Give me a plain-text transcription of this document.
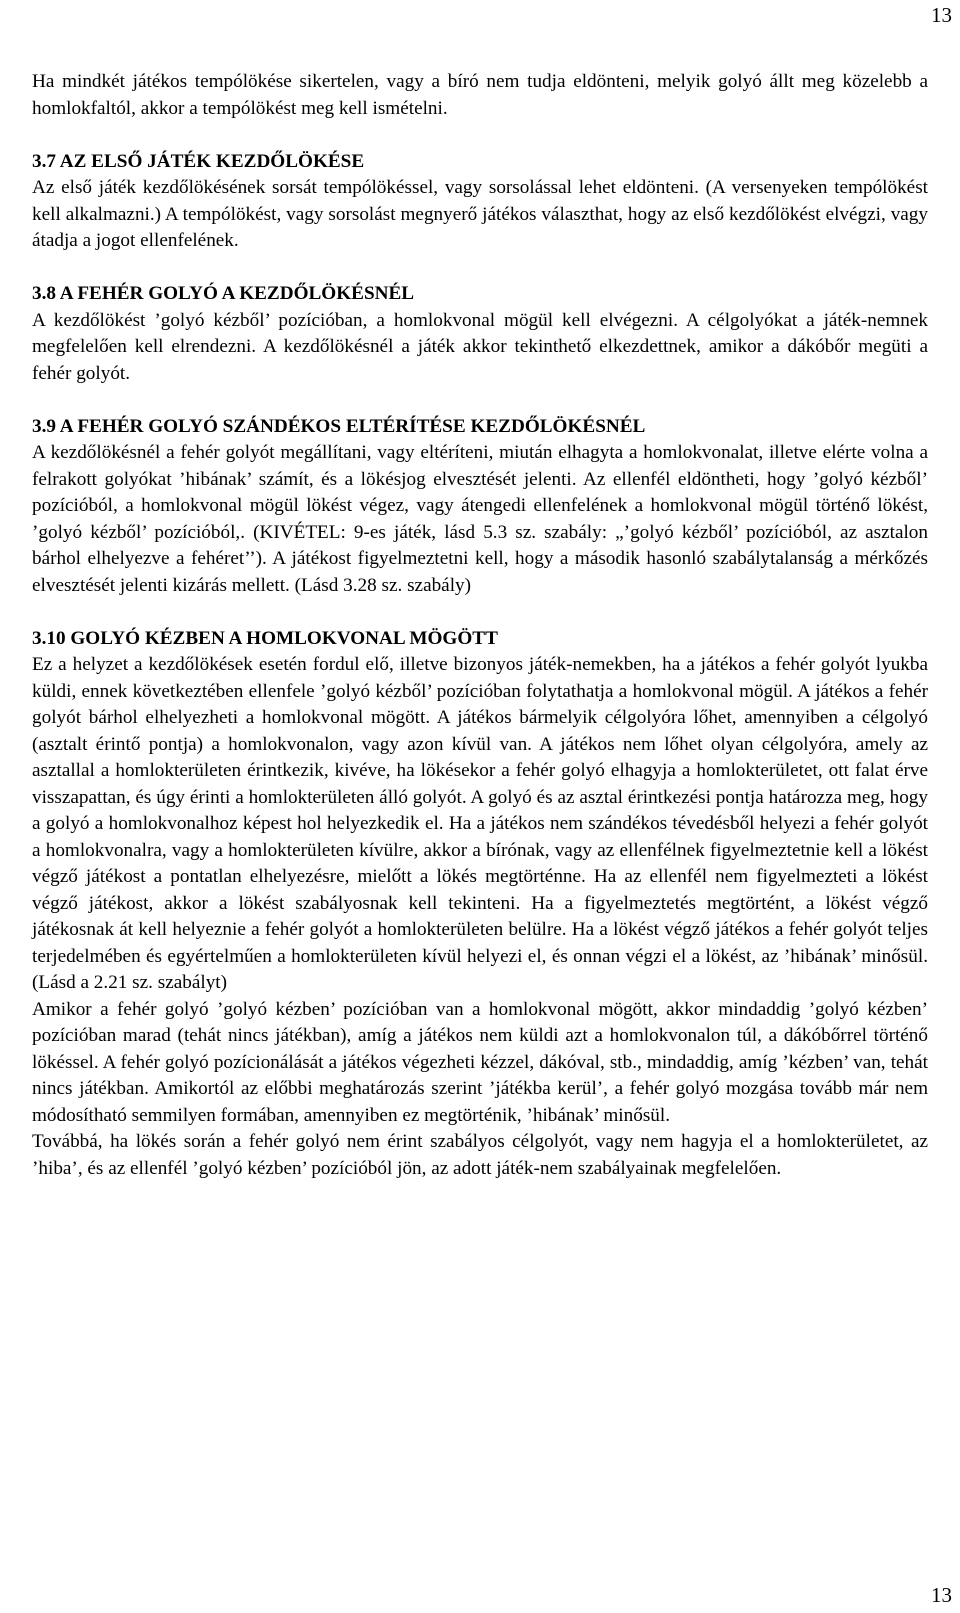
13

Ha mindkét játékos tempólökése sikertelen, vagy a bíró nem tudja eldönteni, melyik golyó állt meg közelebb a homlokfaltól, akkor a tempólökést meg kell ismételni.

3.7 AZ ELSŐ JÁTÉK KEZDŐLÖKÉSE

Az első játék kezdőlökésének sorsát tempólökéssel, vagy sorsolással lehet eldönteni. (A versenyeken tempólökést kell alkalmazni.) A tempólökést, vagy sorsolást megnyerő játékos választhat, hogy az első kezdőlökést elvégzi, vagy átadja a jogot ellenfelének.

3.8 A FEHÉR GOLYÓ A KEZDŐLÖKÉSNÉL

A kezdőlökést ’golyó kézből’ pozícióban, a homlokvonal mögül kell elvégezni. A célgolyókat a játék-nemnek megfelelően kell elrendezni. A kezdőlökésnél a játék akkor tekinthető elkezdettnek, amikor a dákóbőr megüti a fehér golyót.

3.9 A FEHÉR GOLYÓ SZÁNDÉKOS ELTÉRÍTÉSE KEZDŐLÖKÉSNÉL

A kezdőlökésnél a fehér golyót megállítani, vagy eltéríteni, miután elhagyta a homlokvonalat, illetve elérte volna a felrakott golyókat ’hibának’ számít, és a lökésjog elvesztését jelenti. Az ellenfél eldöntheti, hogy ’golyó kézből’ pozícióból, a homlokvonal mögül lökést végez, vagy átengedi ellenfelének a homlokvonal mögül történő lökést, ’golyó kézből’ pozícióból,. (KIVÉTEL: 9-es játék, lásd 5.3 sz. szabály: „’golyó kézből’ pozícióból, az asztalon bárhol elhelyezve a fehéret’’). A játékost figyelmeztetni kell, hogy a második hasonló szabálytalanság a mérkőzés elvesztését jelenti kizárás mellett. (Lásd 3.28 sz. szabály)

3.10 GOLYÓ KÉZBEN A HOMLOKVONAL MÖGÖTT

Ez a helyzet a kezdőlökések esetén fordul elő, illetve bizonyos játék-nemekben, ha a játékos a fehér golyót lyukba küldi, ennek következtében ellenfele ’golyó kézből’ pozícióban folytathatja a homlokvonal mögül. A játékos a fehér golyót bárhol elhelyezheti a homlokvonal mögött. A játékos bármelyik célgolyóra lőhet, amennyiben a célgolyó (asztalt érintő pontja) a homlokvonalon, vagy azon kívül van. A játékos nem lőhet olyan célgolyóra, amely az asztallal a homlokterületen érintkezik, kivéve, ha lökésekor a fehér golyó elhagyja a homlokterületet, ott falat érve visszapattan, és úgy érinti a homlokterületen álló golyót. A golyó és az asztal érintkezési pontja határozza meg, hogy a golyó a homlokvonalhoz képest hol helyezkedik el. Ha a játékos nem szándékos tévedésből helyezi a fehér golyót a homlokvonalra, vagy a homlokterületen kívülre, akkor a bírónak, vagy az ellenfélnek figyelmeztetnie kell a lökést végző játékost a pontatlan elhelyezésre, mielőtt a lökés megtörténne. Ha az ellenfél nem figyelmezteti a lökést végző játékost, akkor a lökést szabályosnak kell tekinteni. Ha a figyelmeztetés megtörtént, a lökést végző játékosnak át kell helyeznie a fehér golyót a homlokterületen belülre. Ha a lökést végző játékos a fehér golyót teljes terjedelmében és egyértelműen a homlokterületen kívül helyezi el, és onnan végzi el a lökést, az ’hibának’ minősül. (Lásd a 2.21 sz. szabályt)

Amikor a fehér golyó ’golyó kézben’ pozícióban van a homlokvonal mögött, akkor mindaddig ’golyó kézben’ pozícióban marad (tehát nincs játékban), amíg a játékos nem küldi azt a homlokvonalon túl, a dákóbőrrel történő lökéssel. A fehér golyó pozícionálását a játékos végezheti kézzel, dákóval, stb., mindaddig, amíg ’kézben’ van, tehát nincs játékban. Amikortól az előbbi meghatározás szerint ’játékba kerül’, a fehér golyó mozgása tovább már nem módosítható semmilyen formában, amennyiben ez megtörténik, ’hibának’ minősül.

Továbbá, ha lökés során a fehér golyó nem érint szabályos célgolyót, vagy nem hagyja el a homlokterületet, az ’hiba’, és az ellenfél ’golyó kézben’ pozícióból jön, az adott játék-nem szabályainak megfelelően.

13
